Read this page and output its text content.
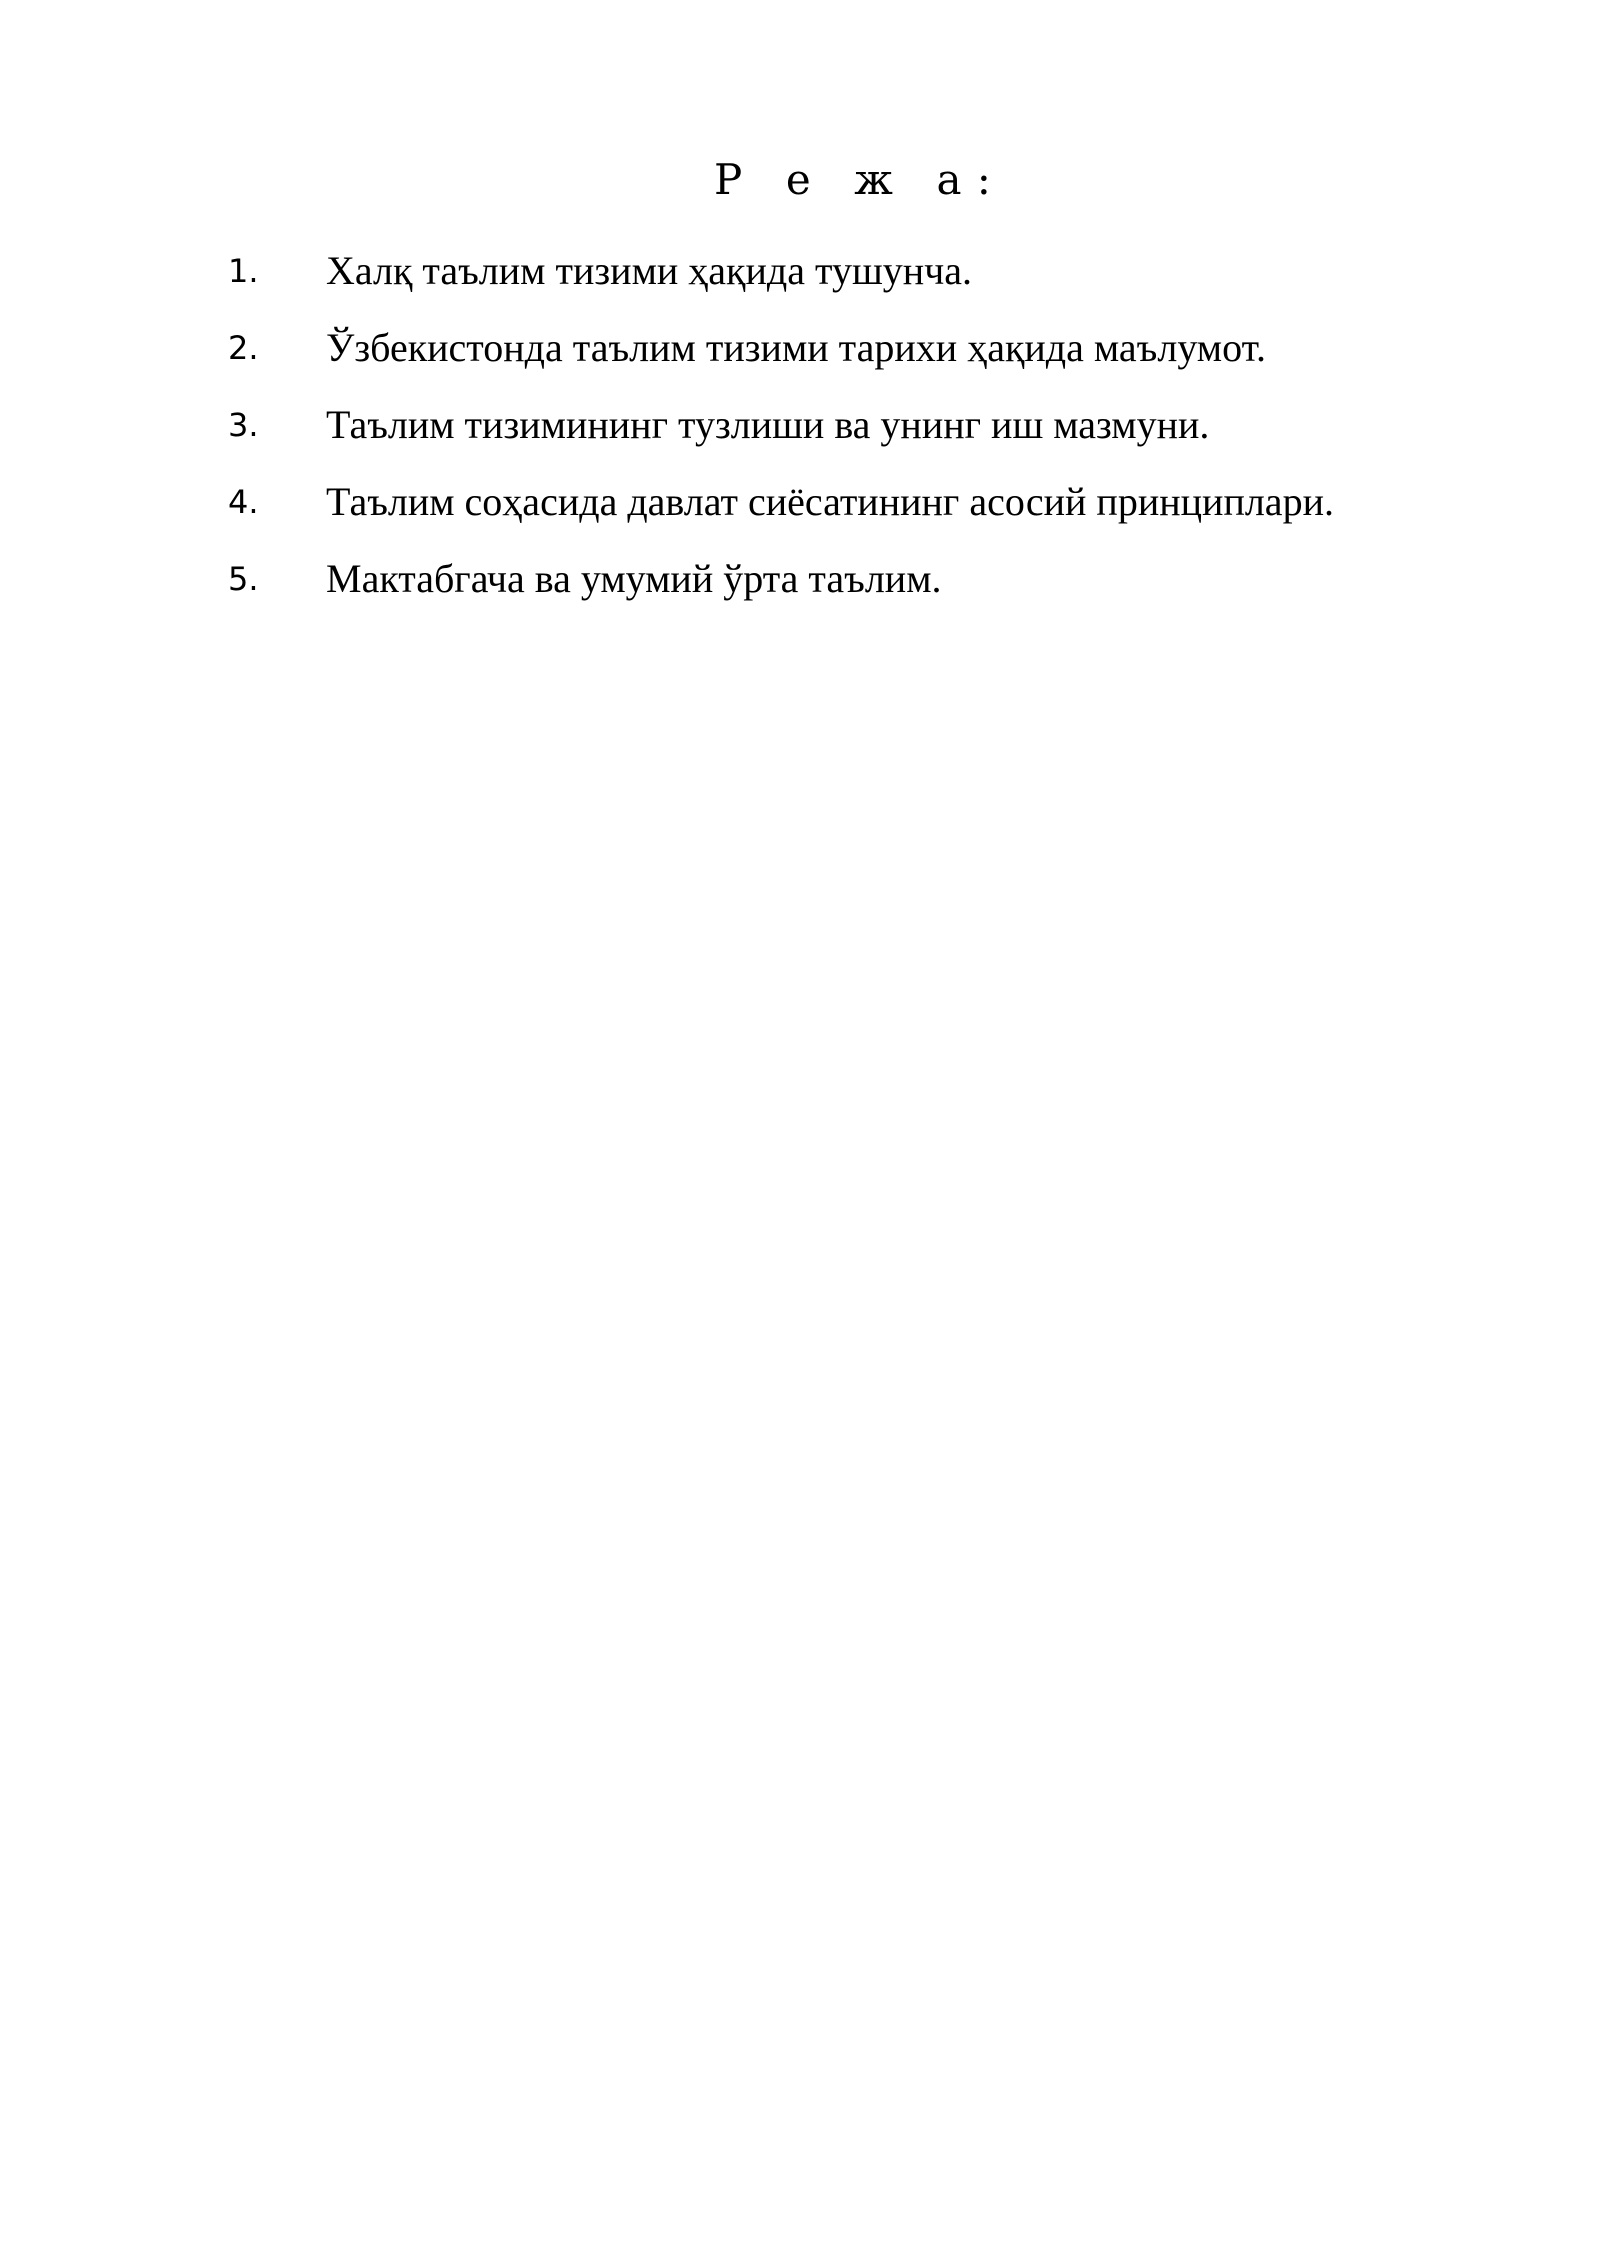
Р е ж а:
1. Халқ таълим тизими ҳақида тушунча.
2. Ўзбекистонда таълим тизими тарихи ҳақида маълумот.
3. Таълим тизимининг тузлиши ва унинг иш мазмуни.
4. Таълим соҳасида давлат сиёсатининг асосий принциплари.
5. Мактабгача ва умумий ўрта таълим.
